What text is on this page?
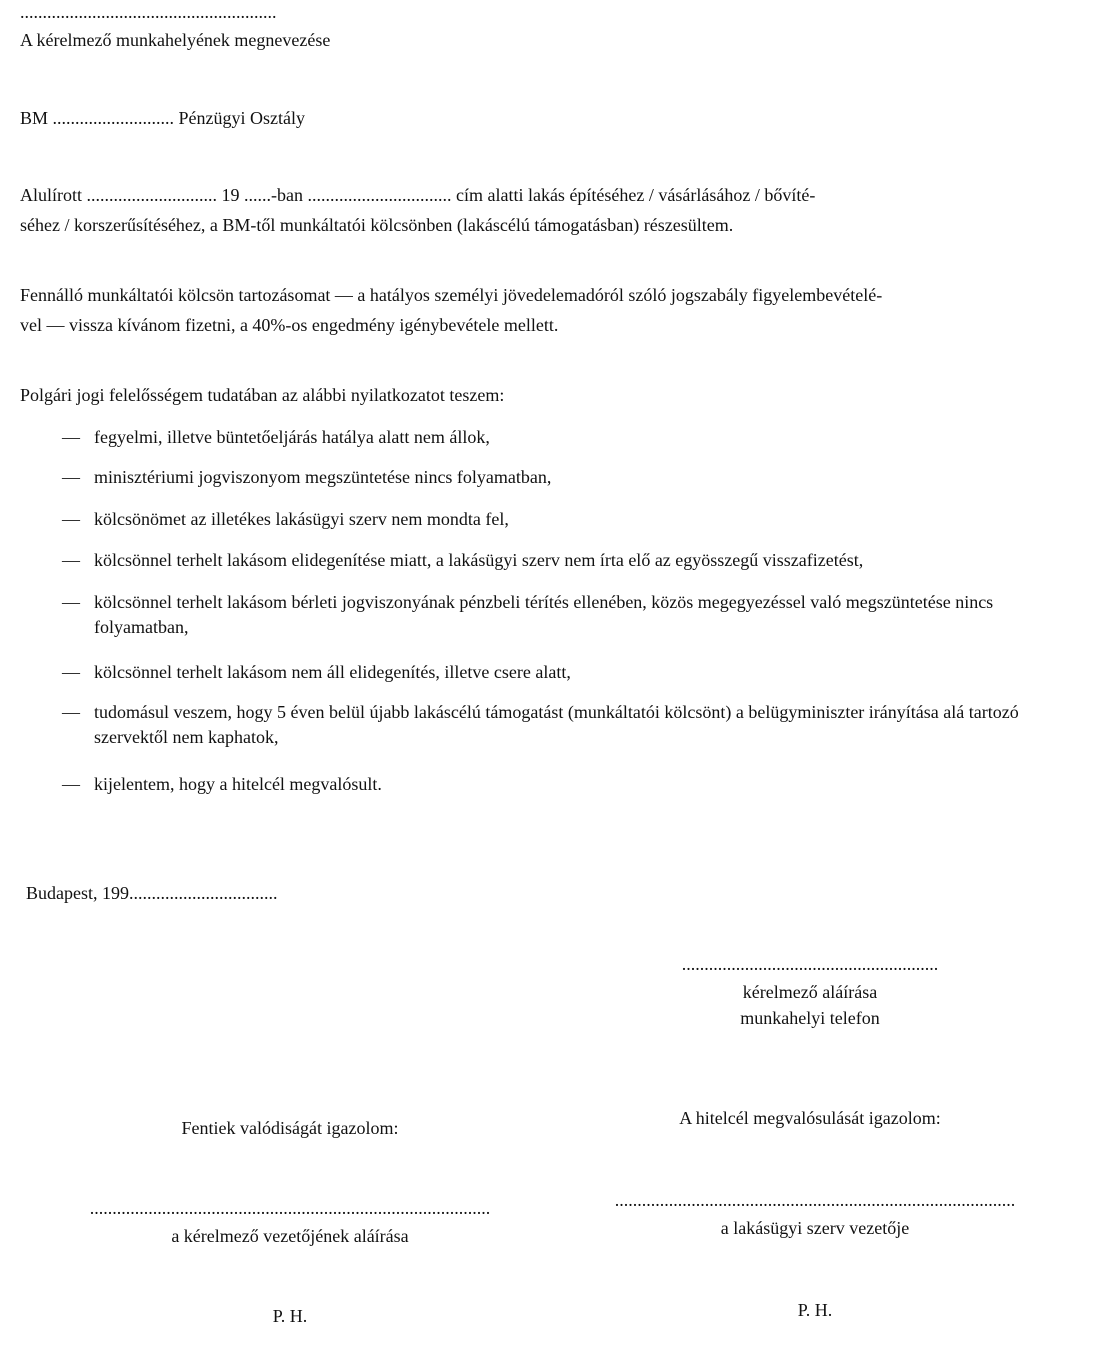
.........................................................
A kérelmező munkahelyének megnevezése
BM ........................... Pénzügyi Osztály
Alulírott ............................. 19 ......-ban ................................ cím alatti lakás építéséhez / vásárlásához / bővíté-
séhez / korszerűsítéséhez, a BM-től munkáltatói kölcsönben (lakáscélú támogatásban) részesültem.
Fennálló munkáltatói kölcsön tartozásomat — a hatályos személyi jövedelemadóról szóló jogszabály figyelembevételé-
vel — vissza kívánom fizetni, a 40%-os engedmény igénybevétele mellett.
Polgári jogi felelősségem tudatában az alábbi nyilatkozatot teszem:
— fegyelmi, illetve büntetőeljárás hatálya alatt nem állok,
— minisztériumi jogviszonyom megszüntetése nincs folyamatban,
— kölcsönömet az illetékes lakásügyi szerv nem mondta fel,
— kölcsönnel terhelt lakásom elidegenítése miatt, a lakásügyi szerv nem írta elő az egyösszegű visszafizetést,
— kölcsönnel terhelt lakásom bérleti jogviszonyának pénzbeli térítés ellenében, közös megegyezéssel való megszüntetése nincs folyamatban,
— kölcsönnel terhelt lakásom nem áll elidegenítés, illetve csere alatt,
— tudomásul veszem, hogy 5 éven belül újabb lakáscélú támogatást (munkáltatói kölcsönt) a belügyminiszter irányítása alá tartozó szervektől nem kaphatok,
— kijelentem, hogy a hitelcél megvalósult.
Budapest, 199.................................
.........................................................
kérelmező aláírása
munkahelyi telefon
Fentiek valódiságát igazolom:
.........................................................................................
a kérelmező vezetőjének aláírása
P. H.
A hitelcél megvalósulását igazolom:
.........................................................................................
a lakásügyi szerv vezetője
P. H.
